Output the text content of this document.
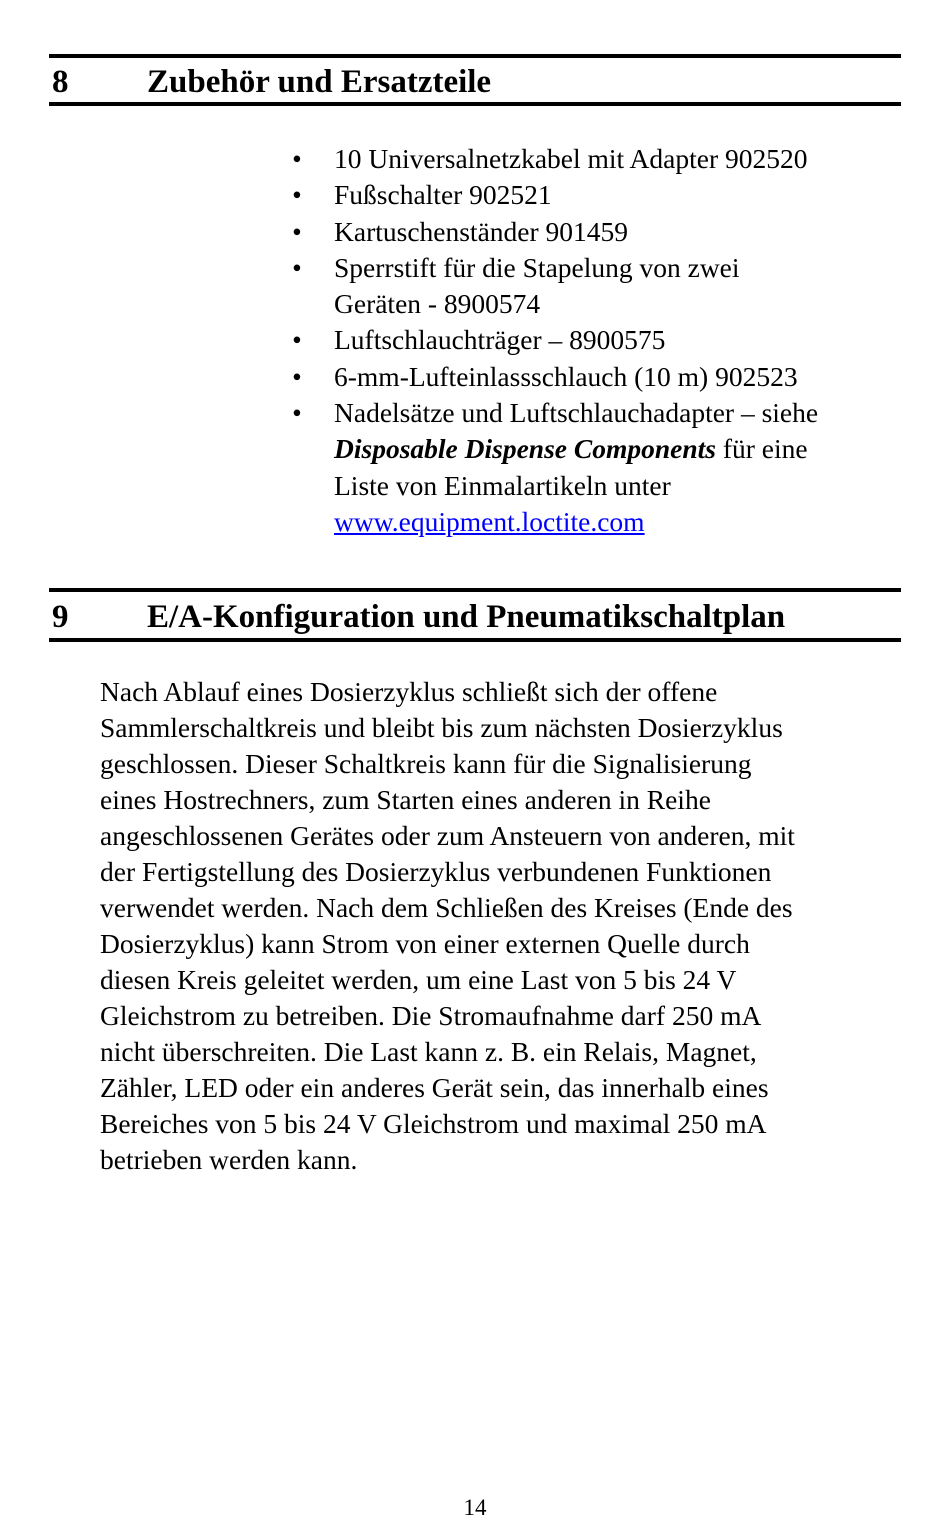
8 Zubehör und Ersatzteile
• 10 Universalnetzkabel mit Adapter 902520
• Fußschalter 902521
• Kartuschenständer 901459
• Sperrstift für die Stapelung von zwei
Geräten - 8900574
• Luftschlauchträger – 8900575
• 6-mm-Lufteinlassschlauch (10 m) 902523
• Nadelsätze und Luftschlauchadapter – siehe
Disposable Dispense Components für eine
Liste von Einmalartikeln unter
www.equipment.loctite.com
9 E/A-Konfiguration und Pneumatikschaltplan

Nach Ablauf eines Dosierzyklus schließt sich der offene
Sammlerschaltkreis und bleibt bis zum nächsten Dosierzyklus
geschlossen. Dieser Schaltkreis kann für die Signalisierung
eines Hostrechners, zum Starten eines anderen in Reihe
angeschlossenen Gerätes oder zum Ansteuern von anderen, mit
der Fertigstellung des Dosierzyklus verbundenen Funktionen
verwendet werden. Nach dem Schließen des Kreises (Ende des
Dosierzyklus) kann Strom von einer externen Quelle durch
diesen Kreis geleitet werden, um eine Last von 5 bis 24 V
Gleichstrom zu betreiben. Die Stromaufnahme darf 250 mA
nicht überschreiten. Die Last kann z. B. ein Relais, Magnet,
Zähler, LED oder ein anderes Gerät sein, das innerhalb eines
Bereiches von 5 bis 24 V Gleichstrom und maximal 250 mA
betrieben werden kann.

14
